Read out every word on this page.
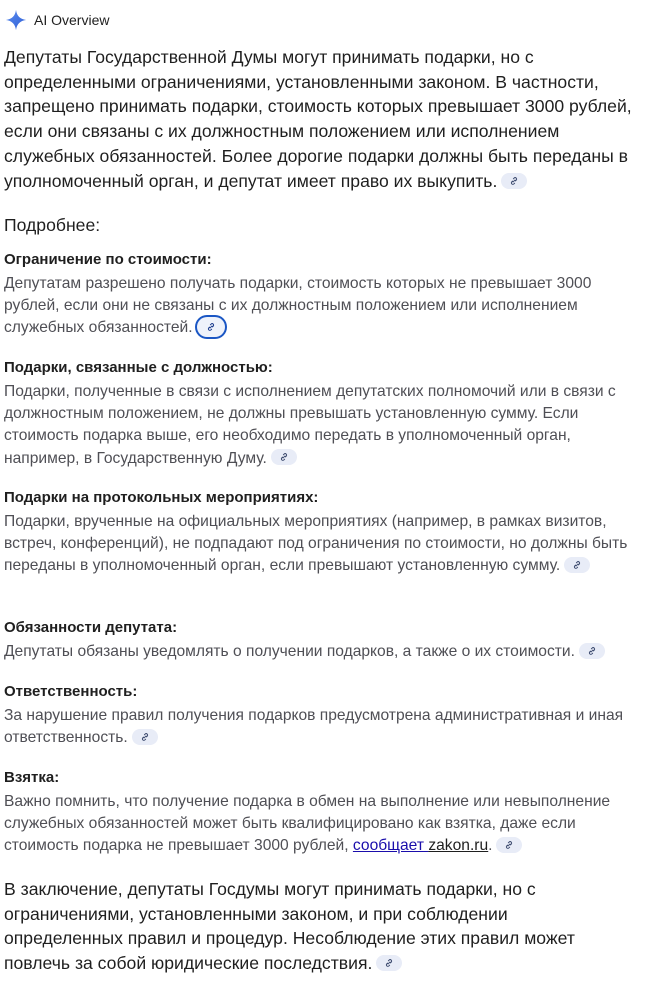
AI Overview
Депутаты Государственной Думы могут принимать подарки, но с определенными ограничениями, установленными законом. В частности, запрещено принимать подарки, стоимость которых превышает 3000 рублей, если они связаны с их должностным положением или исполнением служебных обязанностей. Более дорогие подарки должны быть переданы в уполномоченный орган, и депутат имеет право их выкупить.
Подробнее:
Ограничение по стоимости:
Депутатам разрешено получать подарки, стоимость которых не превышает 3000 рублей, если они не связаны с их должностным положением или исполнением служебных обязанностей.
Подарки, связанные с должностью:
Подарки, полученные в связи с исполнением депутатских полномочий или в связи с должностным положением, не должны превышать установленную сумму. Если стоимость подарка выше, его необходимо передать в уполномоченный орган, например, в Государственную Думу.
Подарки на протокольных мероприятиях:
Подарки, врученные на официальных мероприятиях (например, в рамках визитов, встреч, конференций), не подпадают под ограничения по стоимости, но должны быть переданы в уполномоченный орган, если превышают установленную сумму.
Обязанности депутата:
Депутаты обязаны уведомлять о получении подарков, а также о их стоимости.
Ответственность:
За нарушение правил получения подарков предусмотрена административная и иная ответственность.
Взятка:
Важно помнить, что получение подарка в обмен на выполнение или невыполнение служебных обязанностей может быть квалифицировано как взятка, даже если стоимость подарка не превышает 3000 рублей, сообщает zakon.ru.
В заключение, депутаты Госдумы могут принимать подарки, но с ограничениями, установленными законом, и при соблюдении определенных правил и процедур. Несоблюдение этих правил может повлечь за собой юридические последствия.
